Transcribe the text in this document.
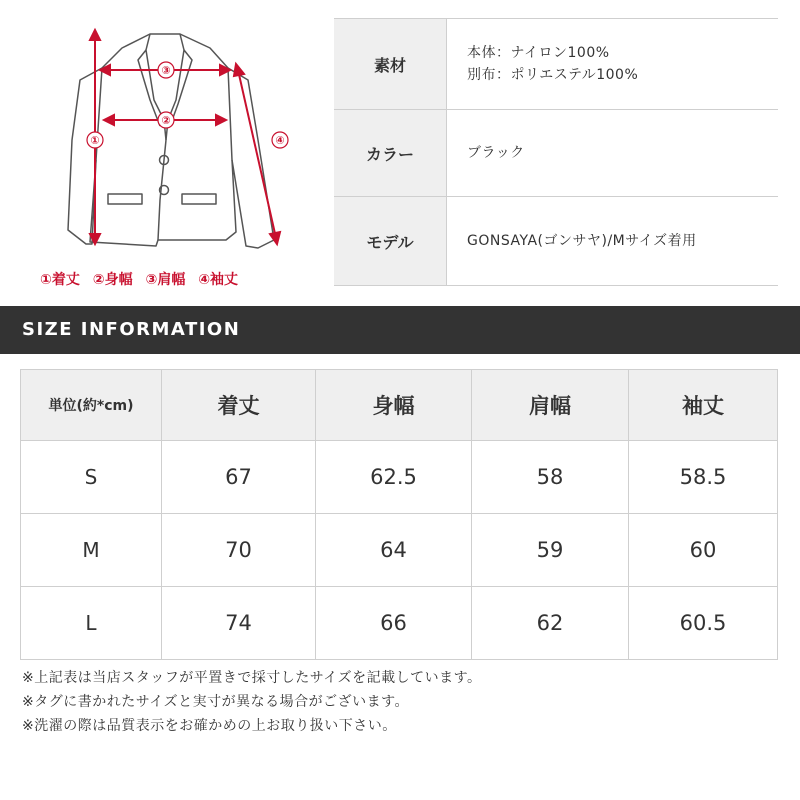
③
②
①	④
①着丈 ②身幅 ③肩幅 ④袖丈
素材
本体：ナイロン100%
別布：ポリエステル100%
カラー	ブラック
モデル	GONSAYA(ゴンサヤ)/Mサイズ着用
SIZE INFORMATION
単位(約*cm)	着丈	身幅	肩幅	袖丈
S	67	62.5	58	58.5
M	70	64	59	60
L	74	66	62	60.5
※上記表は当店スタッフが平置きで採寸したサイズを記載しています。
※タグに書かれたサイズと実寸が異なる場合がございます。
※洗濯の際は品質表示をお確かめの上お取り扱い下さい。
